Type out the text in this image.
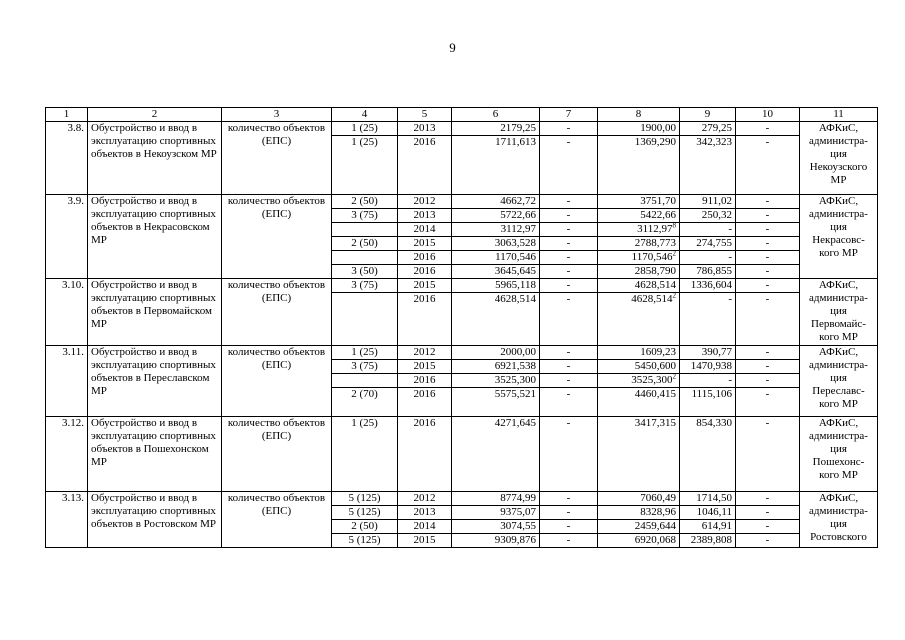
9
1	2	3	4	5	6	7	8	9	10	11
3.8.	Обустройство и ввод в эксплуатацию спортивных объектов в Некоузском МР	количество объектов (ЕПС)	1 (25)	2013	2179,25	-	1900,00	279,25	-	АФКиС, администра-ция Некоузского МР
			1 (25)	2016	1711,613	-	1369,290	342,323	-	
3.9.	Обустройство и ввод в эксплуатацию спортивных объектов в Некрасовском МР	количество объектов (ЕПС)	2 (50)	2012	4662,72	-	3751,70	911,02	-	АФКиС, администра-ция Некрасовс-кого МР
			3 (75)	2013	5722,66	-	5422,66	250,32	-	
				2014	3112,97	-	3112,97$^8$	-	-	
			2 (50)	2015	3063,528	-	2788,773	274,755	-	
				2016	1170,546	-	1170,546$^2$	-	-	
			3 (50)	2016	3645,645	-	2858,790	786,855	-	
3.10.	Обустройство и ввод в эксплуатацию спортивных объектов в Первомайском МР	количество объектов (ЕПС)	3 (75)	2015	5965,118	-	4628,514	1336,604	-	АФКиС, администра-ция Первомайс-кого МР
				2016	4628,514	-	4628,514$^2$	-	-	
3.11.	Обустройство и ввод в эксплуатацию спортивных объектов в Переславском МР	количество объектов (ЕПС)	1 (25)	2012	2000,00	-	1609,23	390,77	-	АФКиС, администра-ция Переславс-кого МР
			3 (75)	2015	6921,538	-	5450,600	1470,938	-	
				2016	3525,300	-	3525,300$^2$	-	-	
			2 (70)	2016	5575,521	-	4460,415	1115,106	-	
3.12.	Обустройство и ввод в эксплуатацию спортивных объектов в Пошехонском МР	количество объектов (ЕПС)	1 (25)	2016	4271,645	-	3417,315	854,330	-	АФКиС, администра-ция Пошехонс-кого МР
3.13.	Обустройство и ввод в эксплуатацию спортивных объектов в Ростовском МР	количество объектов (ЕПС)	5 (125)	2012	8774,99	-	7060,49	1714,50	-	АФКиС, администра-ция Ростовского
			5 (125)	2013	9375,07	-	8328,96	1046,11	-	
			2 (50)	2014	3074,55	-	2459,644	614,91	-	
			5 (125)	2015	9309,876	-	6920,068	2389,808	-	
